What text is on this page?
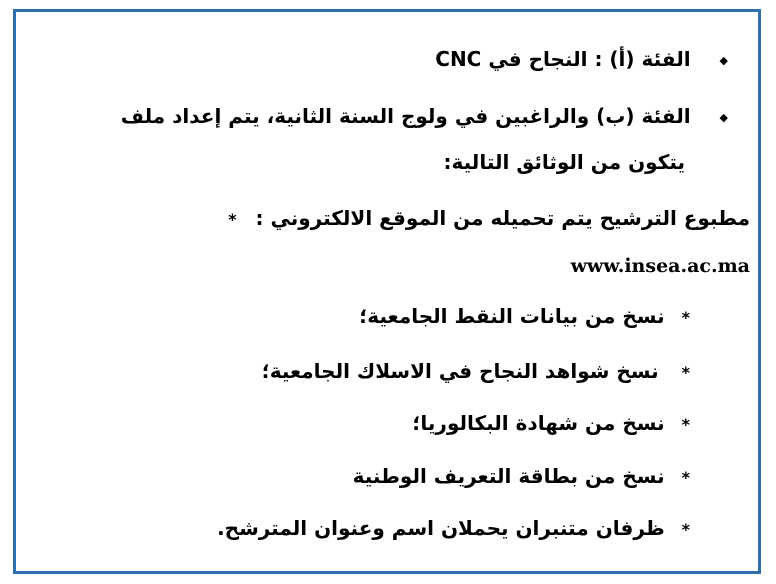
◆ الفئة (أ) : النجاح في CNC
◆ الفئة (ب) والراغبين في ولوج السنة الثانية، يتم إعداد ملف
يتكون من الوثائق التالية:
مطبوع الترشيح يتم تحميله من الموقع الالكتروني : *
www.insea.ac.ma
* نسخ من بيانات النقط الجامعية؛
* نسخ شواهد النجاح في الاسلاك الجامعية؛
* نسخ من شهادة البكالوريا؛
* نسخ من بطاقة التعريف الوطنية
* ظرفان متنبران يحملان اسم وعنوان المترشح.
